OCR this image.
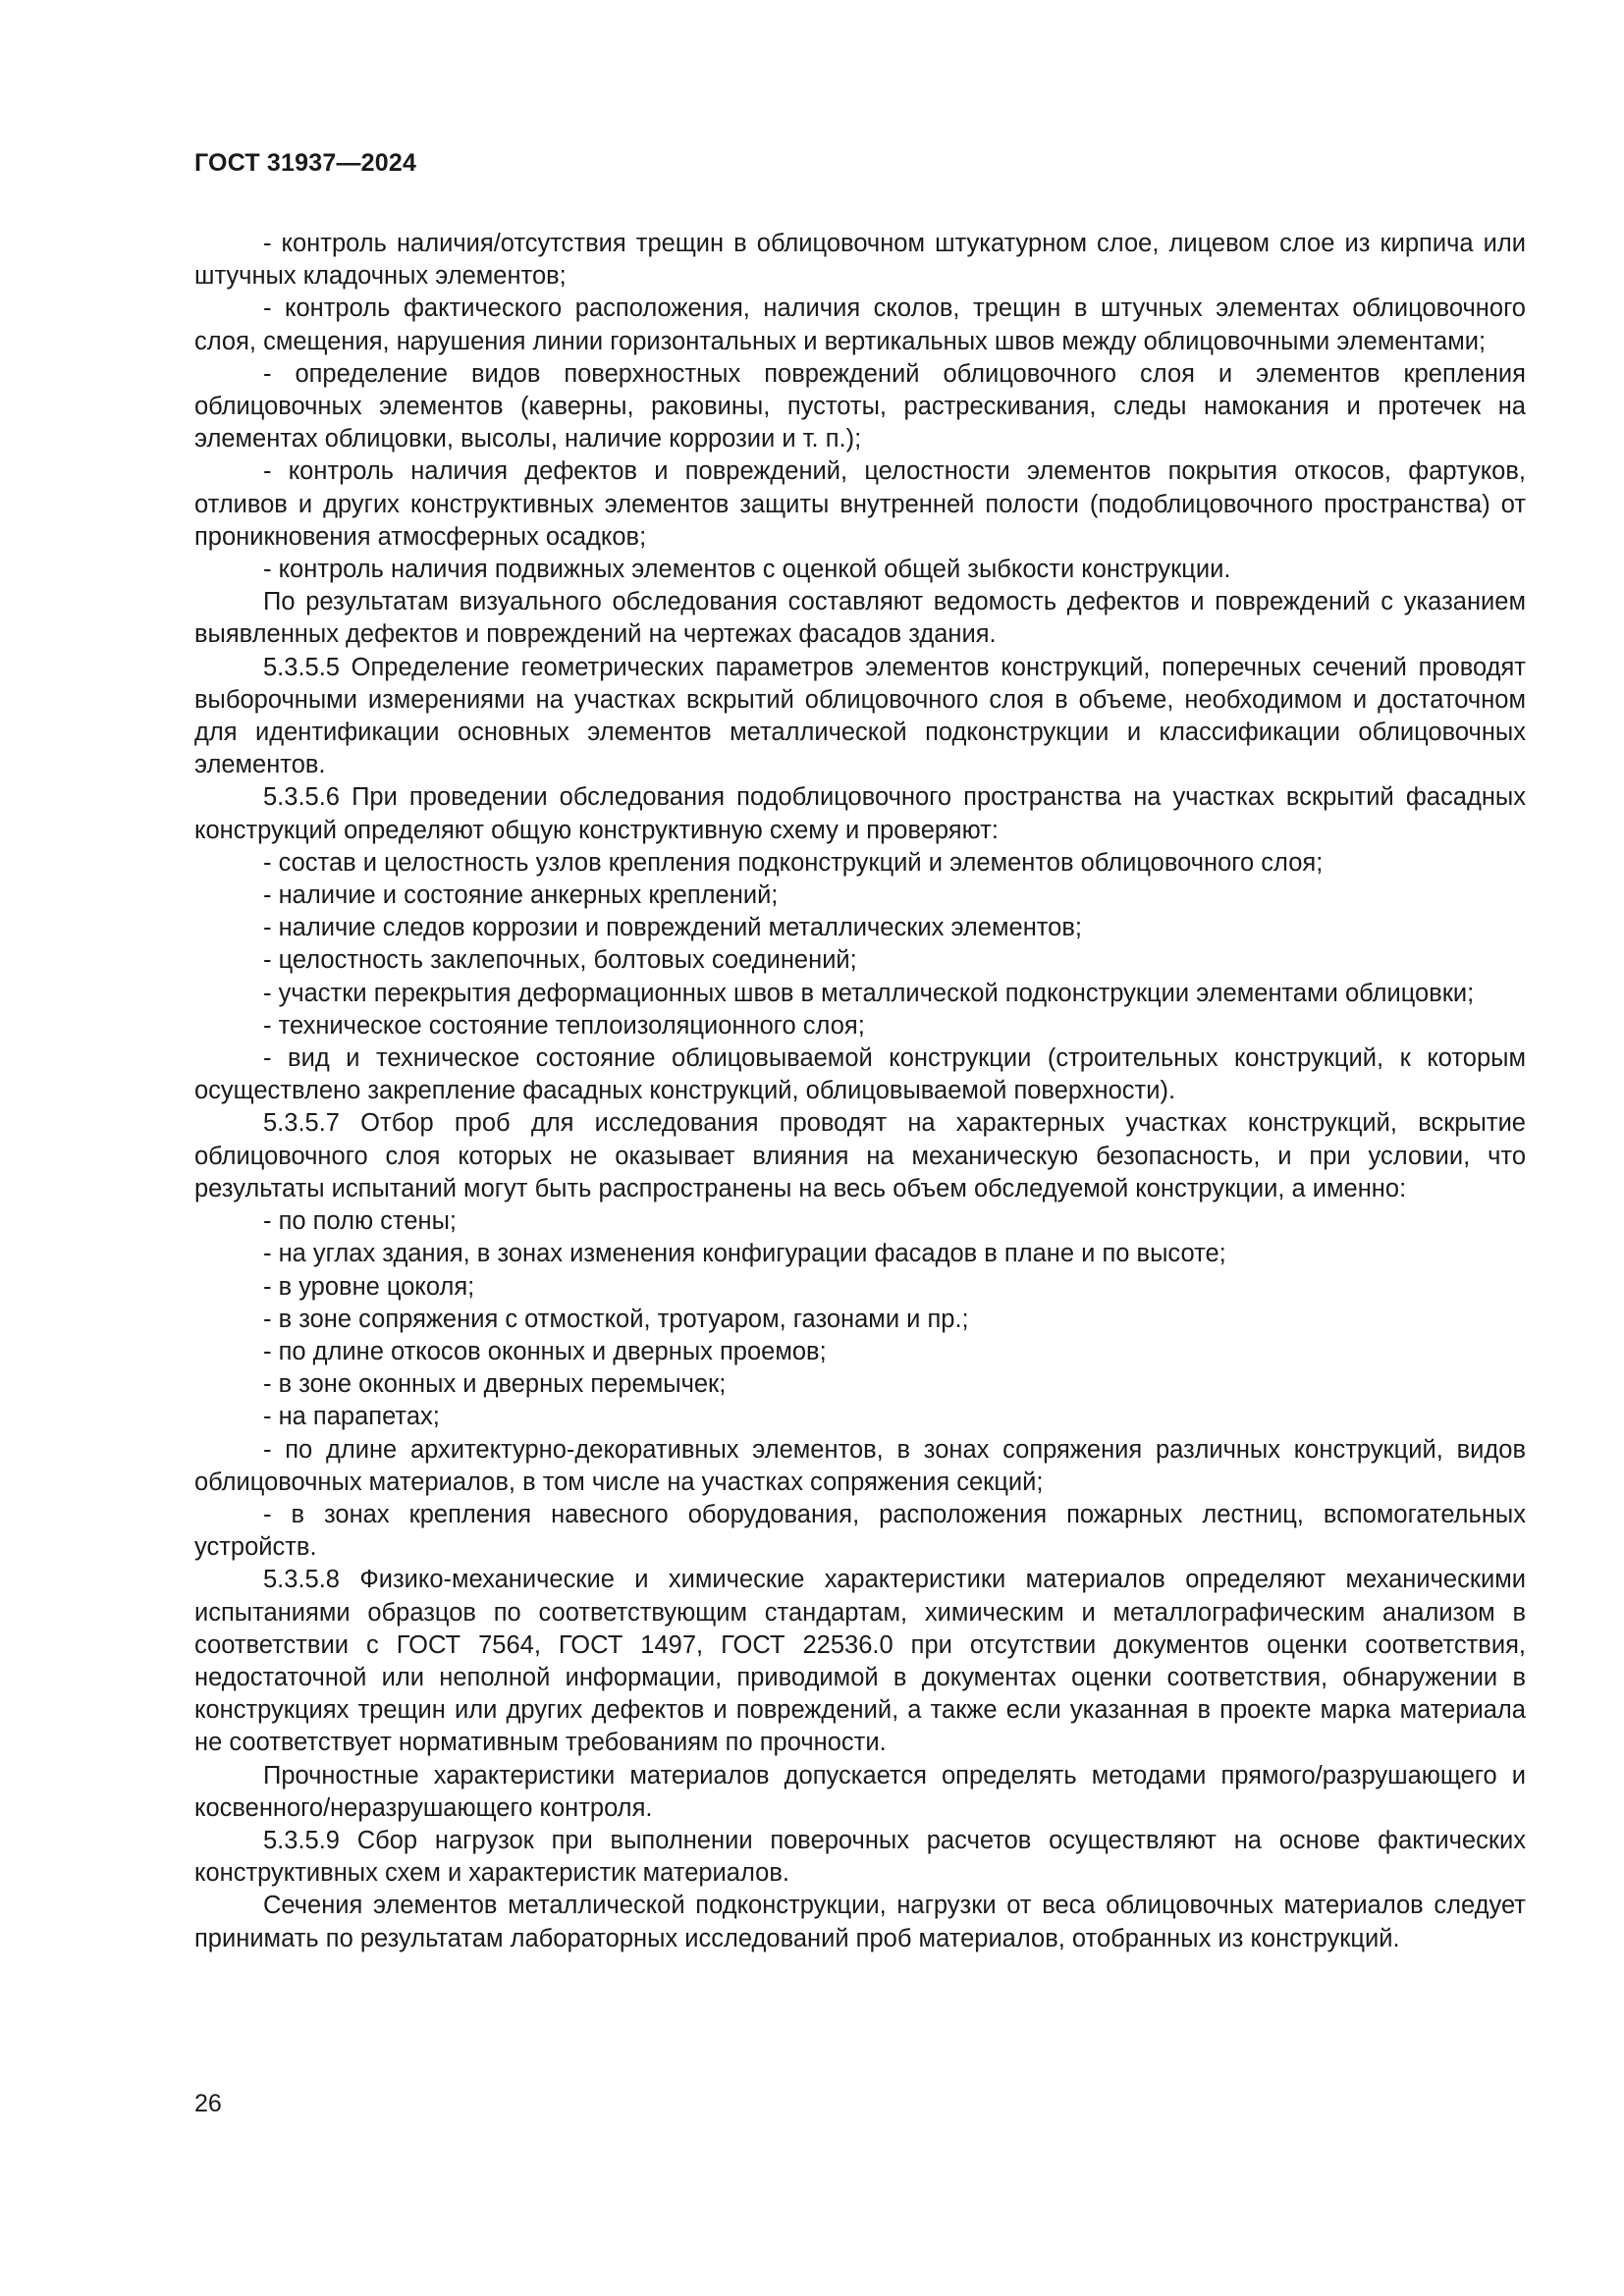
ГОСТ 31937—2024

- контроль наличия/отсутствия трещин в облицовочном штукатурном слое, лицевом слое из кирпича или штучных кладочных элементов;

- контроль фактического расположения, наличия сколов, трещин в штучных элементах облицовочного слоя, смещения, нарушения линии горизонтальных и вертикальных швов между облицовочными элементами;

- определение видов поверхностных повреждений облицовочного слоя и элементов крепления облицовочных элементов (каверны, раковины, пустоты, растрескивания, следы намокания и протечек на элементах облицовки, высолы, наличие коррозии и т. п.);

- контроль наличия дефектов и повреждений, целостности элементов покрытия откосов, фартуков, отливов и других конструктивных элементов защиты внутренней полости (подоблицовочного пространства) от проникновения атмосферных осадков;

- контроль наличия подвижных элементов с оценкой общей зыбкости конструкции.

По результатам визуального обследования составляют ведомость дефектов и повреждений с указанием выявленных дефектов и повреждений на чертежах фасадов здания.

5.3.5.5 Определение геометрических параметров элементов конструкций, поперечных сечений проводят выборочными измерениями на участках вскрытий облицовочного слоя в объеме, необходимом и достаточном для идентификации основных элементов металлической подконструкции и классификации облицовочных элементов.

5.3.5.6 При проведении обследования подоблицовочного пространства на участках вскрытий фасадных конструкций определяют общую конструктивную схему и проверяют:

- состав и целостность узлов крепления подконструкций и элементов облицовочного слоя;

- наличие и состояние анкерных креплений;

- наличие следов коррозии и повреждений металлических элементов;

- целостность заклепочных, болтовых соединений;

- участки перекрытия деформационных швов в металлической подконструкции элементами облицовки;

- техническое состояние теплоизоляционного слоя;

- вид и техническое состояние облицовываемой конструкции (строительных конструкций, к которым осуществлено закрепление фасадных конструкций, облицовываемой поверхности).

5.3.5.7 Отбор проб для исследования проводят на характерных участках конструкций, вскрытие облицовочного слоя которых не оказывает влияния на механическую безопасность, и при условии, что результаты испытаний могут быть распространены на весь объем обследуемой конструкции, а именно:

- по полю стены;

- на углах здания, в зонах изменения конфигурации фасадов в плане и по высоте;

- в уровне цоколя;

- в зоне сопряжения с отмосткой, тротуаром, газонами и пр.;

- по длине откосов оконных и дверных проемов;

- в зоне оконных и дверных перемычек;

- на парапетах;

- по длине архитектурно-декоративных элементов, в зонах сопряжения различных конструкций, видов облицовочных материалов, в том числе на участках сопряжения секций;

- в зонах крепления навесного оборудования, расположения пожарных лестниц, вспомогательных устройств.

5.3.5.8 Физико-механические и химические характеристики материалов определяют механическими испытаниями образцов по соответствующим стандартам, химическим и металлографическим анализом в соответствии с ГОСТ 7564, ГОСТ 1497, ГОСТ 22536.0 при отсутствии документов оценки соответствия, недостаточной или неполной информации, приводимой в документах оценки соответствия, обнаружении в конструкциях трещин или других дефектов и повреждений, а также если указанная в проекте марка материала не соответствует нормативным требованиям по прочности.

Прочностные характеристики материалов допускается определять методами прямого/разрушающего и косвенного/неразрушающего контроля.

5.3.5.9 Сбор нагрузок при выполнении поверочных расчетов осуществляют на основе фактических конструктивных схем и характеристик материалов.

Сечения элементов металлической подконструкции, нагрузки от веса облицовочных материалов следует принимать по результатам лабораторных исследований проб материалов, отобранных из конструкций.

26
